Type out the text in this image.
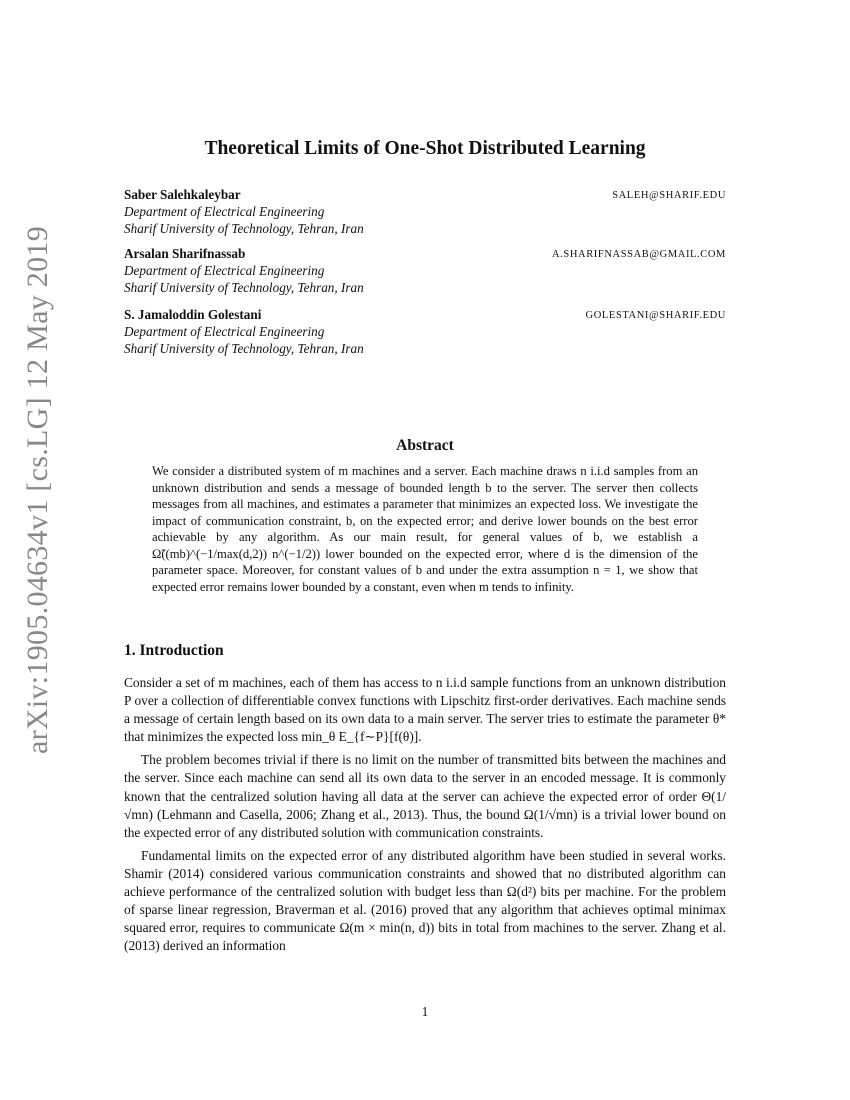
arXiv:1905.04634v1 [cs.LG] 12 May 2019
Theoretical Limits of One-Shot Distributed Learning
Saber Salehkaleybar	SALEH@SHARIF.EDU
Department of Electrical Engineering
Sharif University of Technology, Tehran, Iran
Arsalan Sharifnassab	A.SHARIFNASSAB@GMAIL.COM
Department of Electrical Engineering
Sharif University of Technology, Tehran, Iran
S. Jamaloddin Golestani	GOLESTANI@SHARIF.EDU
Department of Electrical Engineering
Sharif University of Technology, Tehran, Iran
Abstract
We consider a distributed system of m machines and a server. Each machine draws n i.i.d samples from an unknown distribution and sends a message of bounded length b to the server. The server then collects messages from all machines, and estimates a parameter that minimizes an expected loss. We investigate the impact of communication constraint, b, on the expected error; and derive lower bounds on the best error achievable by any algorithm. As our main result, for general values of b, we establish a Ω̃((mb)^(−1/max(d,2)) n^(−1/2)) lower bounded on the expected error, where d is the dimension of the parameter space. Moreover, for constant values of b and under the extra assumption n = 1, we show that expected error remains lower bounded by a constant, even when m tends to infinity.
1. Introduction

Consider a set of m machines, each of them has access to n i.i.d sample functions from an unknown distribution P over a collection of differentiable convex functions with Lipschitz first-order derivatives. Each machine sends a message of certain length based on its own data to a main server. The server tries to estimate the parameter θ* that minimizes the expected loss min_θ E_{f∼P}[f(θ)].

The problem becomes trivial if there is no limit on the number of transmitted bits between the machines and the server. Since each machine can send all its own data to the server in an encoded message. It is commonly known that the centralized solution having all data at the server can achieve the expected error of order Θ(1/√mn) (Lehmann and Casella, 2006; Zhang et al., 2013). Thus, the bound Ω(1/√mn) is a trivial lower bound on the expected error of any distributed solution with communication constraints.

Fundamental limits on the expected error of any distributed algorithm have been studied in several works. Shamir (2014) considered various communication constraints and showed that no distributed algorithm can achieve performance of the centralized solution with budget less than Ω(d²) bits per machine. For the problem of sparse linear regression, Braverman et al. (2016) proved that any algorithm that achieves optimal minimax squared error, requires to communicate Ω(m × min(n, d)) bits in total from machines to the server. Zhang et al. (2013) derived an information

1
